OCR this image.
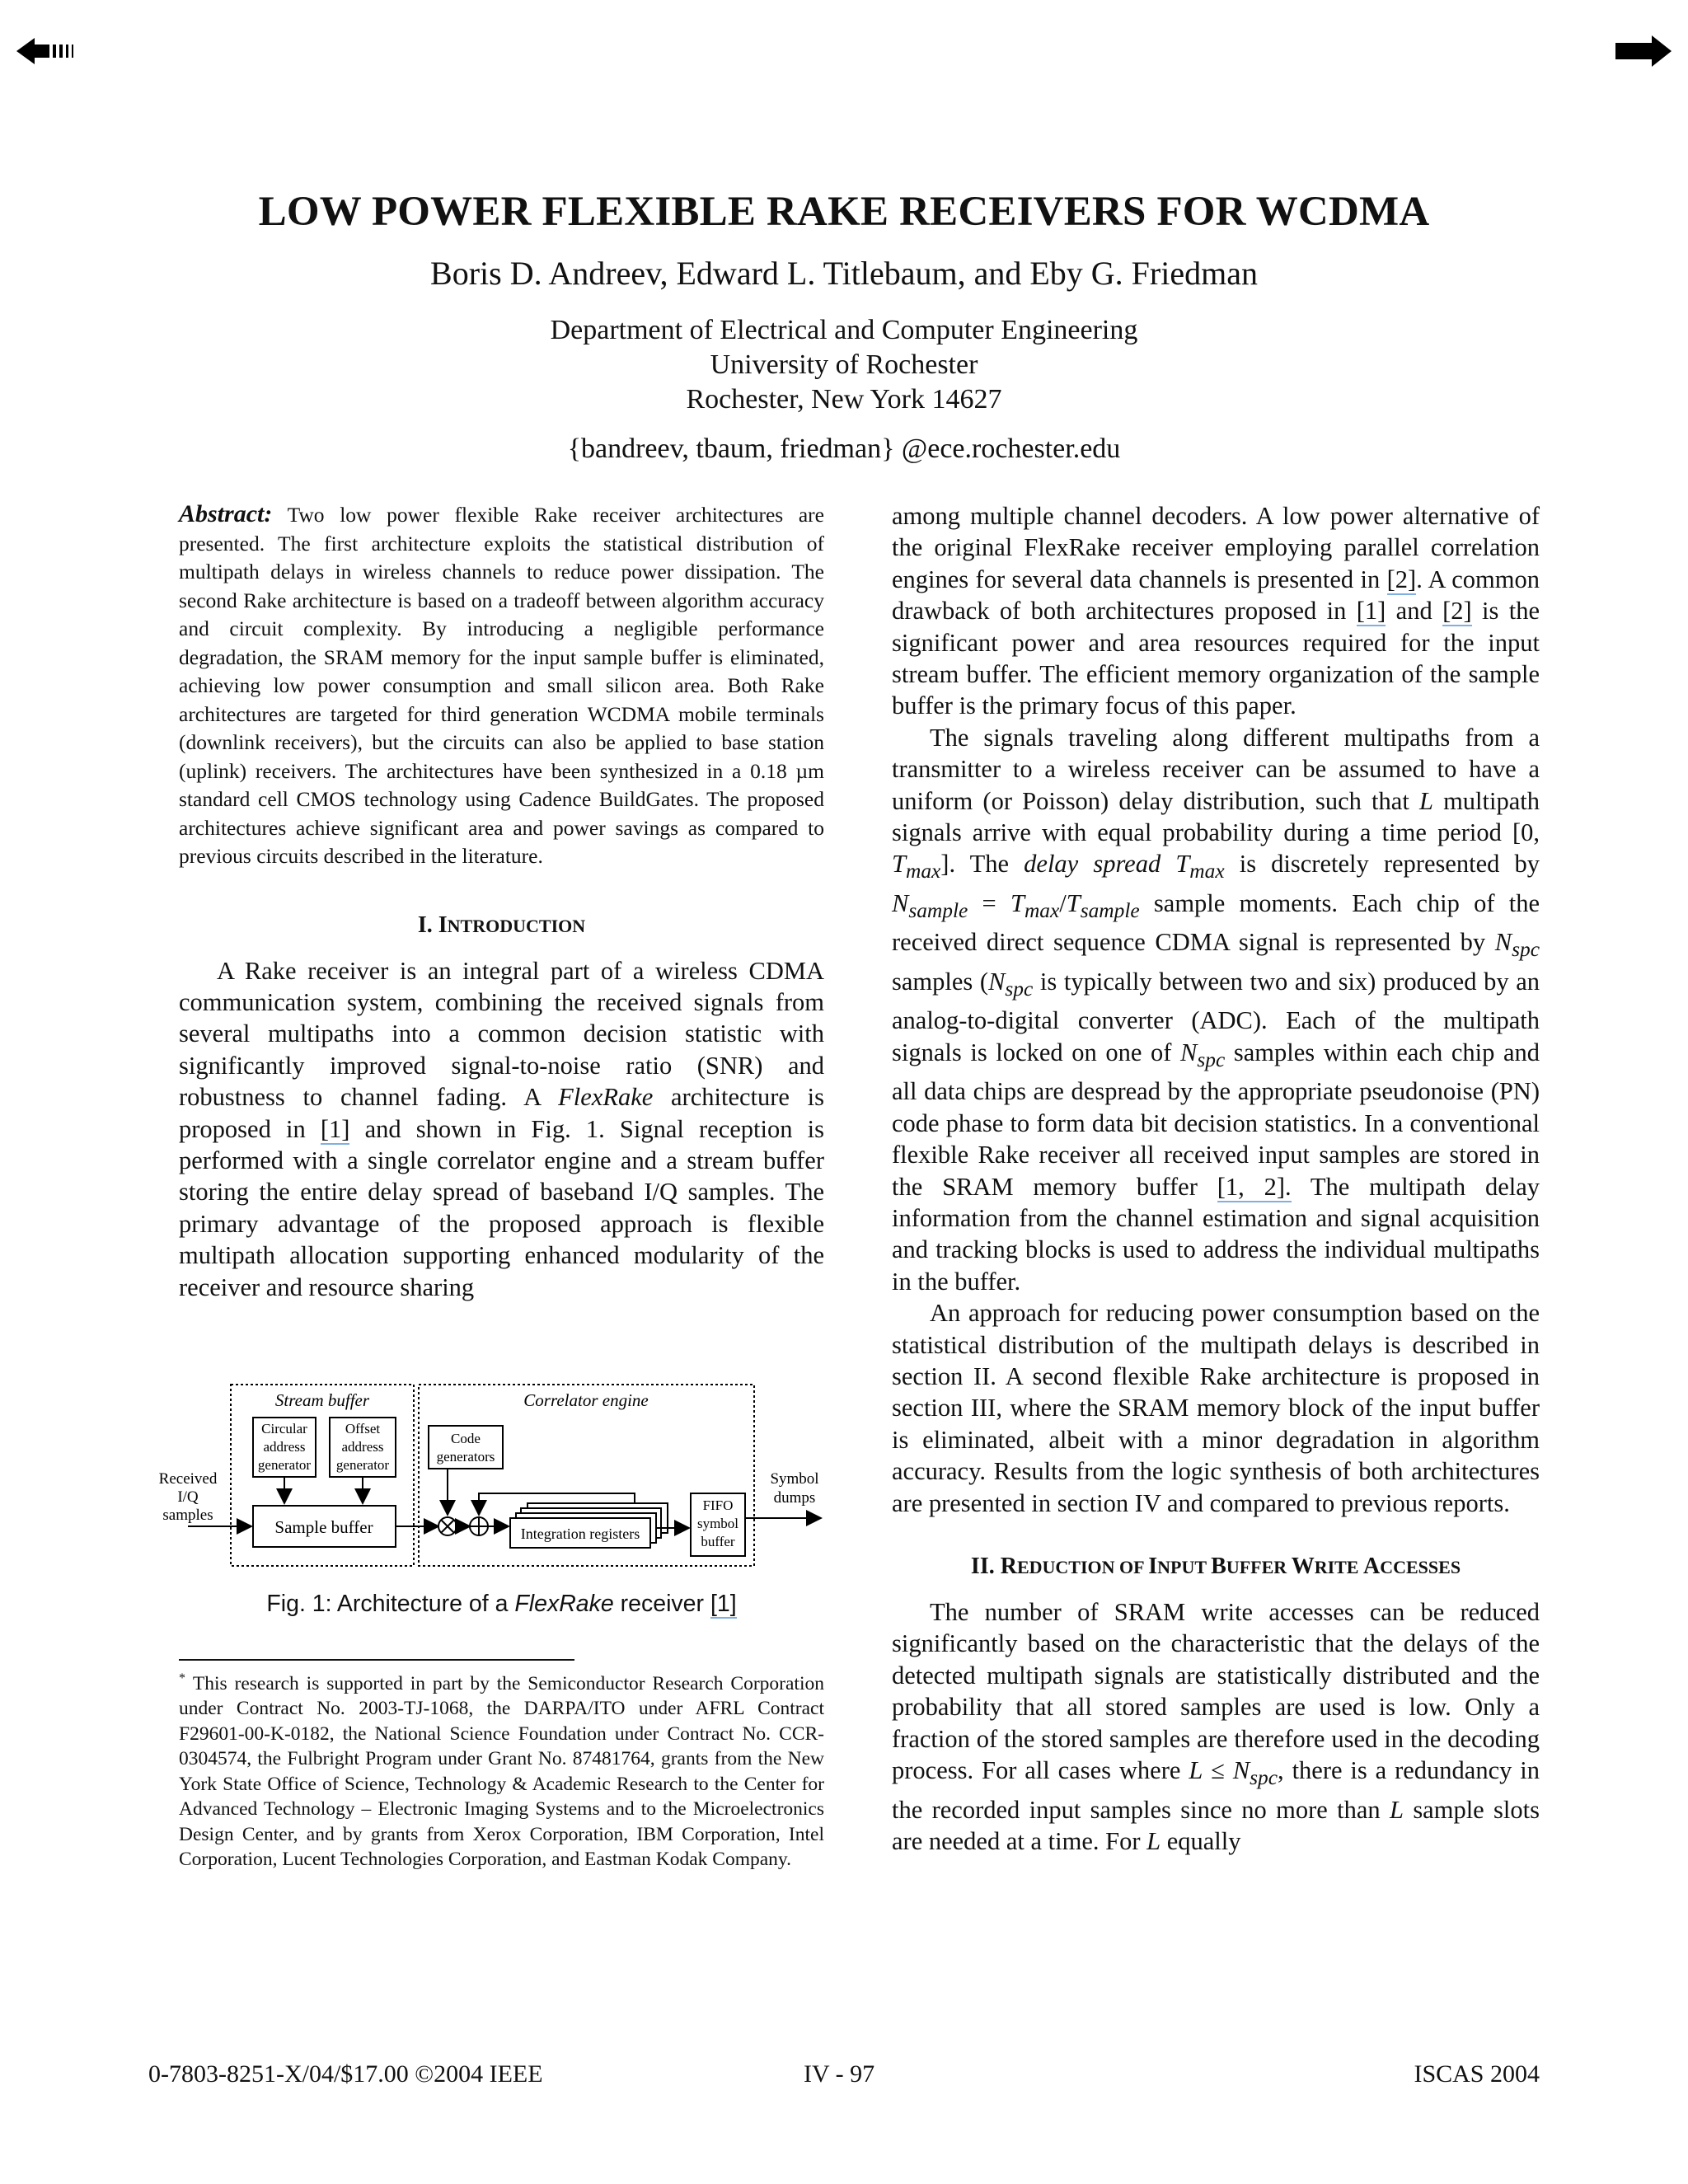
LOW POWER FLEXIBLE RAKE RECEIVERS FOR WCDMA
Boris D. Andreev, Edward L. Titlebaum, and Eby G. Friedman
Department of Electrical and Computer Engineering
University of Rochester
Rochester, New York 14627
{bandreev, tbaum, friedman} @ece.rochester.edu

Abstract: Two low power flexible Rake receiver architectures are presented. The first architecture exploits the statistical distribution of multipath delays in wireless channels to reduce power dissipation. The second Rake architecture is based on a tradeoff between algorithm accuracy and circuit complexity. By introducing a negligible performance degradation, the SRAM memory for the input sample buffer is eliminated, achieving low power consumption and small silicon area. Both Rake architectures are targeted for third generation WCDMA mobile terminals (downlink receivers), but the circuits can also be applied to base station (uplink) receivers. The architectures have been synthesized in a 0.18 µm standard cell CMOS technology using Cadence BuildGates. The proposed architectures achieve significant area and power savings as compared to previous circuits described in the literature.

I. INTRODUCTION

A Rake receiver is an integral part of a wireless CDMA communication system, combining the received signals from several multipaths into a common decision statistic with significantly improved signal-to-noise ratio (SNR) and robustness to channel fading. A FlexRake architecture is proposed in [1] and shown in Fig. 1. Signal reception is performed with a single correlator engine and a stream buffer storing the entire delay spread of baseband I/Q samples. The primary advantage of the proposed approach is flexible multipath allocation supporting enhanced modularity of the receiver and resource sharing

Stream buffer	Correlator engine
Circular
address
generator
Offset
address
generator
Code
generators
Received
I/Q
samples
Sample buffer	Integration registers
FIFO
symbol
buffer
Symbol
dumps
Fig. 1: Architecture of a FlexRake receiver [1]

* This research is supported in part by the Semiconductor Research Corporation under Contract No. 2003-TJ-1068, the DARPA/ITO under AFRL Contract F29601-00-K-0182, the National Science Foundation under Contract No. CCR-0304574, the Fulbright Program under Grant No. 87481764, grants from the New York State Office of Science, Technology & Academic Research to the Center for Advanced Technology – Electronic Imaging Systems and to the Microelectronics Design Center, and by grants from Xerox Corporation, IBM Corporation, Intel Corporation, Lucent Technologies Corporation, and Eastman Kodak Company.

among multiple channel decoders. A low power alternative of the original FlexRake receiver employing parallel correlation engines for several data channels is presented in [2]. A common drawback of both architectures proposed in [1] and [2] is the significant power and area resources required for the input stream buffer. The efficient memory organization of the sample buffer is the primary focus of this paper.

The signals traveling along different multipaths from a transmitter to a wireless receiver can be assumed to have a uniform (or Poisson) delay distribution, such that L multipath signals arrive with equal probability during a time period [0, $T_{max}$]. The delay spread $T_{max}$ is discretely represented by $N_{sample} = T_{max}/T_{sample}$ sample moments. Each chip of the received direct sequence CDMA signal is represented by $N_{spc}$ samples ($N_{spc}$ is typically between two and six) produced by an analog-to-digital converter (ADC). Each of the multipath signals is locked on one of $N_{spc}$ samples within each chip and all data chips are despread by the appropriate pseudonoise (PN) code phase to form data bit decision statistics. In a conventional flexible Rake receiver all received input samples are stored in the SRAM memory buffer [1, 2]. The multipath delay information from the channel estimation and signal acquisition and tracking blocks is used to address the individual multipaths in the buffer.

An approach for reducing power consumption based on the statistical distribution of the multipath delays is described in section II. A second flexible Rake architecture is proposed in section III, where the SRAM memory block of the input buffer is eliminated, albeit with a minor degradation in algorithm accuracy. Results from the logic synthesis of both architectures are presented in section IV and compared to previous reports.

II. REDUCTION OF INPUT BUFFER WRITE ACCESSES

The number of SRAM write accesses can be reduced significantly based on the characteristic that the delays of the detected multipath signals are statistically distributed and the probability that all stored samples are used is low. Only a fraction of the stored samples are therefore used in the decoding process. For all cases where $L \le N_{spc}$, there is a redundancy in the recorded input samples since no more than L sample slots are needed at a time. For L equally

0-7803-8251-X/04/$17.00 ©2004 IEEE	IV - 97	ISCAS 2004
